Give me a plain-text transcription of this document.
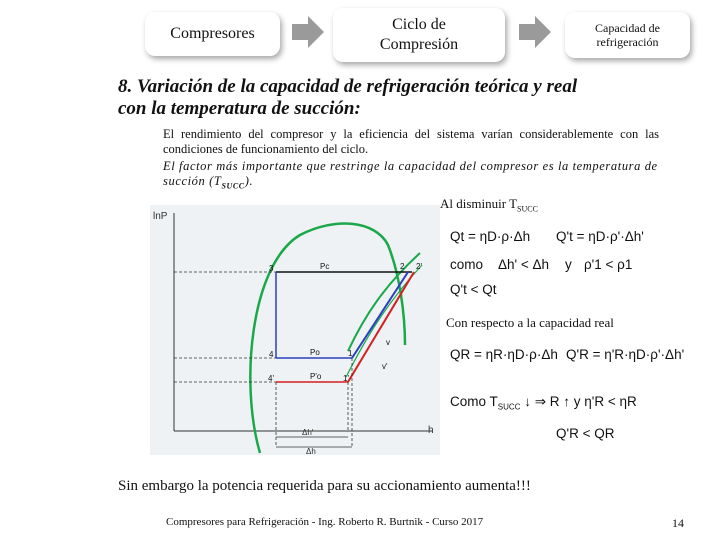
Compresores
Ciclo de
Compresión
Capacidad de
refrigeración
8. Variación de la capacidad de refrigeración teórica y real
con la temperatura de succión:
El rendimiento del compresor y la eficiencia del sistema varían considerablemente con las condiciones de funcionamiento del ciclo.
El factor más importante que restringe la capacidad del compresor es la temperatura de succión $(T_{SUCC})$.
lnP
h
Δh'
Δh
3
4
4'
1
1'
2 2'
Pc
Po
P'o
v
v'
Al disminuir $T_{SUCC}$
Qt = ηD·ρ·Δh Q't = ηD·ρ'·Δh'
como Δh' < Δh y ρ'1 < ρ1
Q't < Qt
Con respecto a la capacidad real
QR = ηR·ηD·ρ·Δh Q'R = η'R·ηD·ρ'·Δh'
Como $T_{SUCC}$ ↓ ⇒ R ↑ y η'R < ηR
Q'R < QR
Sin embargo la potencia requerida para su accionamiento aumenta!!!
Compresores para Refrigeración - Ing. Roberto R. Burtnik - Curso 2017	14
